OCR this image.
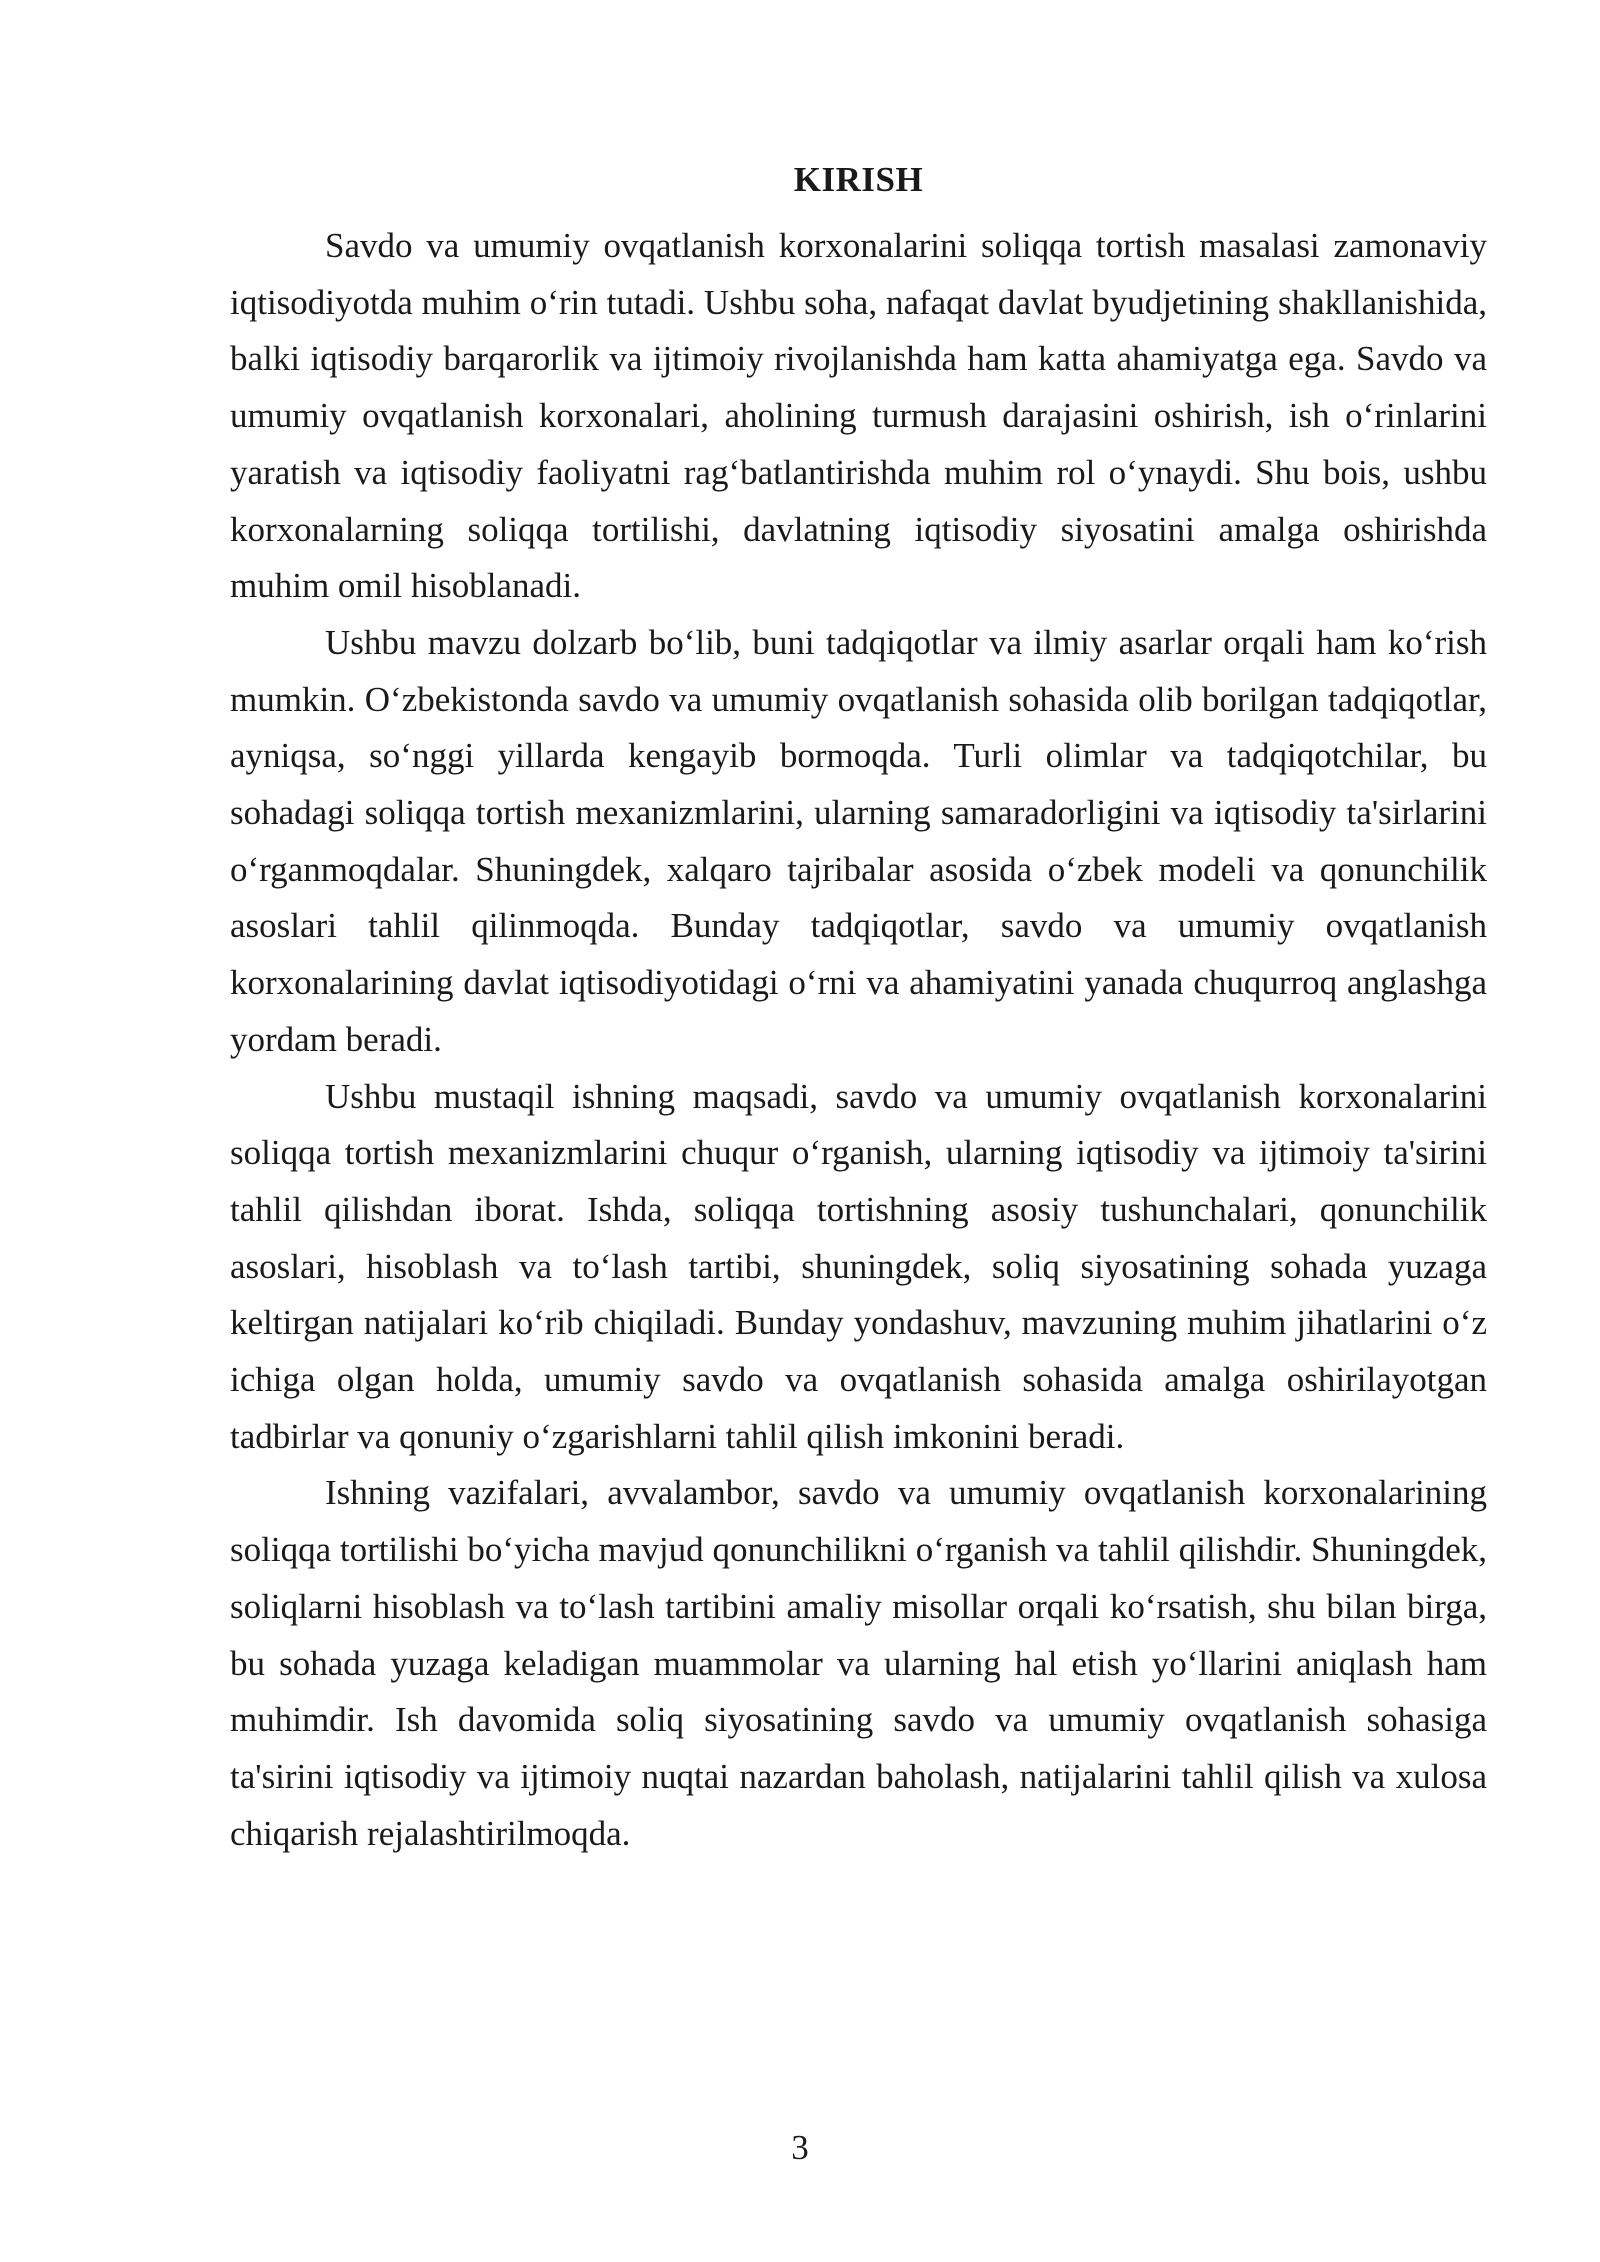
KIRISH

Savdo va umumiy ovqatlanish korxonalarini soliqqa tortish masalasi zamonaviy iqtisodiyotda muhim o‘rin tutadi. Ushbu soha, nafaqat davlat byudjetining shakllanishida, balki iqtisodiy barqarorlik va ijtimoiy rivojlanishda ham katta ahamiyatga ega. Savdo va umumiy ovqatlanish korxonalari, aholining turmush darajasini oshirish, ish o‘rinlarini yaratish va iqtisodiy faoliyatni rag‘batlantirishda muhim rol o‘ynaydi. Shu bois, ushbu korxonalarning soliqqa tortilishi, davlatning iqtisodiy siyosatini amalga oshirishda muhim omil hisoblanadi.

Ushbu mavzu dolzarb bo‘lib, buni tadqiqotlar va ilmiy asarlar orqali ham ko‘rish mumkin. O‘zbekistonda savdo va umumiy ovqatlanish sohasida olib borilgan tadqiqotlar, ayniqsa, so‘nggi yillarda kengayib bormoqda. Turli olimlar va tadqiqotchilar, bu sohadagi soliqqa tortish mexanizmlarini, ularning samaradorligini va iqtisodiy ta'sirlarini o‘rganmoqdalar. Shuningdek, xalqaro tajribalar asosida o‘zbek modeli va qonunchilik asoslari tahlil qilinmoqda. Bunday tadqiqotlar, savdo va umumiy ovqatlanish korxonalarining davlat iqtisodiyotidagi o‘rni va ahamiyatini yanada chuqurroq anglashga yordam beradi.

Ushbu mustaqil ishning maqsadi, savdo va umumiy ovqatlanish korxonalarini soliqqa tortish mexanizmlarini chuqur o‘rganish, ularning iqtisodiy va ijtimoiy ta'sirini tahlil qilishdan iborat. Ishda, soliqqa tortishning asosiy tushunchalari, qonunchilik asoslari, hisoblash va to‘lash tartibi, shuningdek, soliq siyosatining sohada yuzaga keltirgan natijalari ko‘rib chiqiladi. Bunday yondashuv, mavzuning muhim jihatlarini o‘z ichiga olgan holda, umumiy savdo va ovqatlanish sohasida amalga oshirilayotgan tadbirlar va qonuniy o‘zgarishlarni tahlil qilish imkonini beradi.

Ishning vazifalari, avvalambor, savdo va umumiy ovqatlanish korxonalarining soliqqa tortilishi bo‘yicha mavjud qonunchilikni o‘rganish va tahlil qilishdir. Shuningdek, soliqlarni hisoblash va to‘lash tartibini amaliy misollar orqali ko‘rsatish, shu bilan birga, bu sohada yuzaga keladigan muammolar va ularning hal etish yo‘llarini aniqlash ham muhimdir. Ish davomida soliq siyosatining savdo va umumiy ovqatlanish sohasiga ta'sirini iqtisodiy va ijtimoiy nuqtai nazardan baholash, natijalarini tahlil qilish va xulosa chiqarish rejalashtirilmoqda.

3
